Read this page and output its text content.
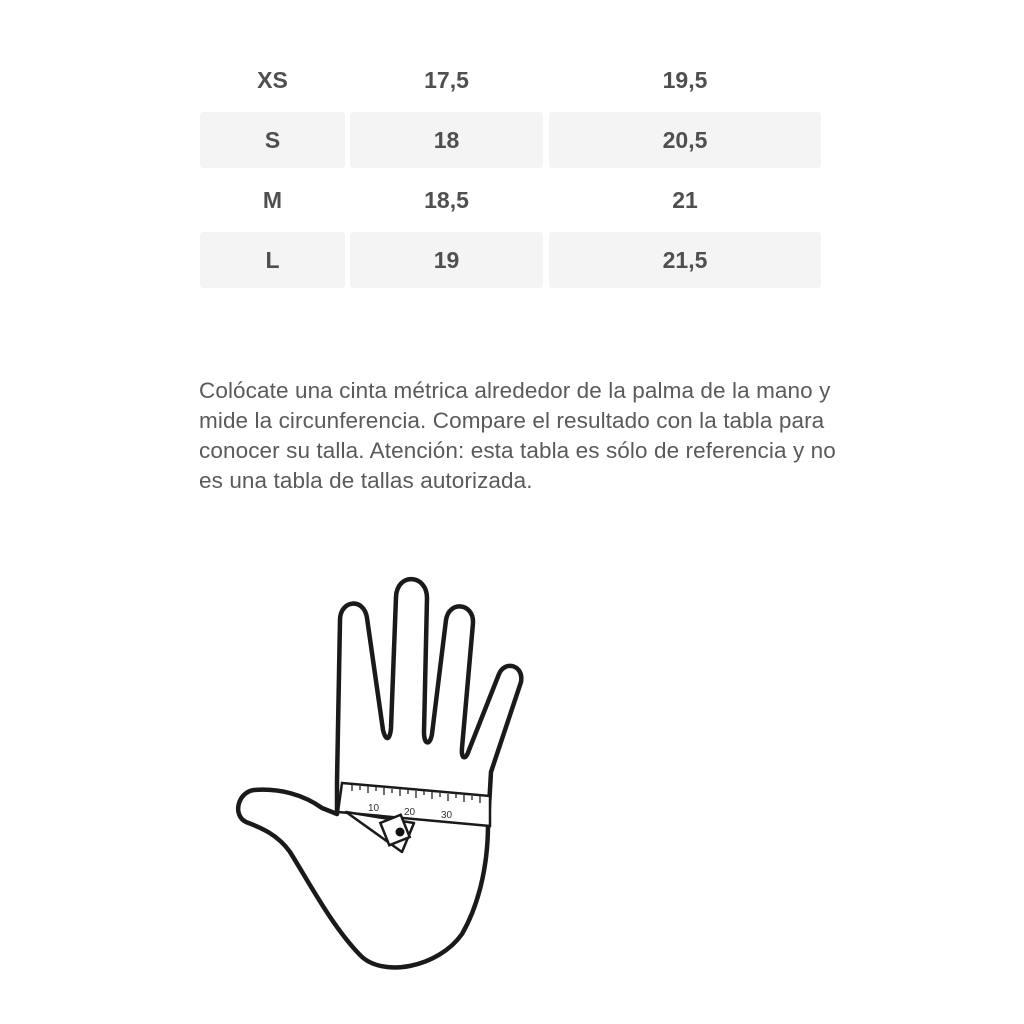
XS	17,5	19,5
S	18	20,5
M	18,5	21
L	19	21,5

Colócate una cinta métrica alrededor de la palma de la mano y mide la circunferencia. Compare el resultado con la tabla para conocer su talla. Atención: esta tabla es sólo de referencia y no es una tabla de tallas autorizada.

10 20	30
